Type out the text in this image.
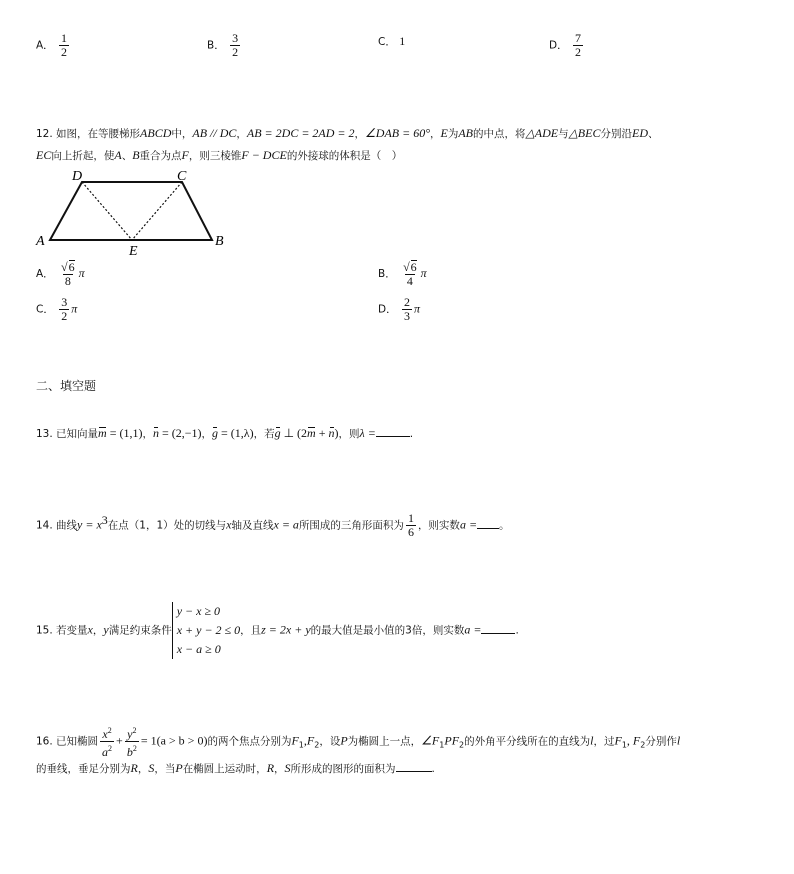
A． $\frac{1}{2}$	B． $\frac{3}{2}$	C． 1	D． $\frac{7}{2}$
12. 如图，在等腰梯形ABCD中，AB // DC，AB = 2DC = 2AD = 2，∠DAB = 60°，E为AB的中点，将△ADE与△BEC分别沿ED、
EC向上折起，使A、B重合为点F，则三棱锥F − DCE的外接球的体积是（　）
D	C
A
E
B
A． $\frac{√6}{8}$ π	B． $\frac{√6}{4}$ π
C． $\frac{3}{2}$ π	D． $\frac{2}{3}$ π
二、填空题
13. 已知向量m = (1,1)，n = (2,−1)，g = (1,λ)，若g ⊥ (2m + n)，则λ =	.
14. 曲线$y = x^3$在点（1，1）处的切线与x轴及直线x = a所围成的三角形面积为 $\frac{1}{6}$ ，则实数a = 。
15. 若变量x，y满足约束条件
y − x ≥ 0
x + y − 2 ≤ 0
x − a ≥ 0
，且z = 2x + y的最大值是最小值的3倍，则实数a =	.
16. 已知椭圆 $\frac{x^2}{a^2} + \frac{y^2}{b^2} = 1(a > b > 0)$的两个焦点分别为$F_1,F_2$，设P为椭圆上一点，$\angle F_1PF_2$的外角平分线所在的直线为l，过$F_1$, $F_2$分别作l
的垂线，垂足分别为R，S，当P在椭圆上运动时，R，S所形成的图形的面积为	.
